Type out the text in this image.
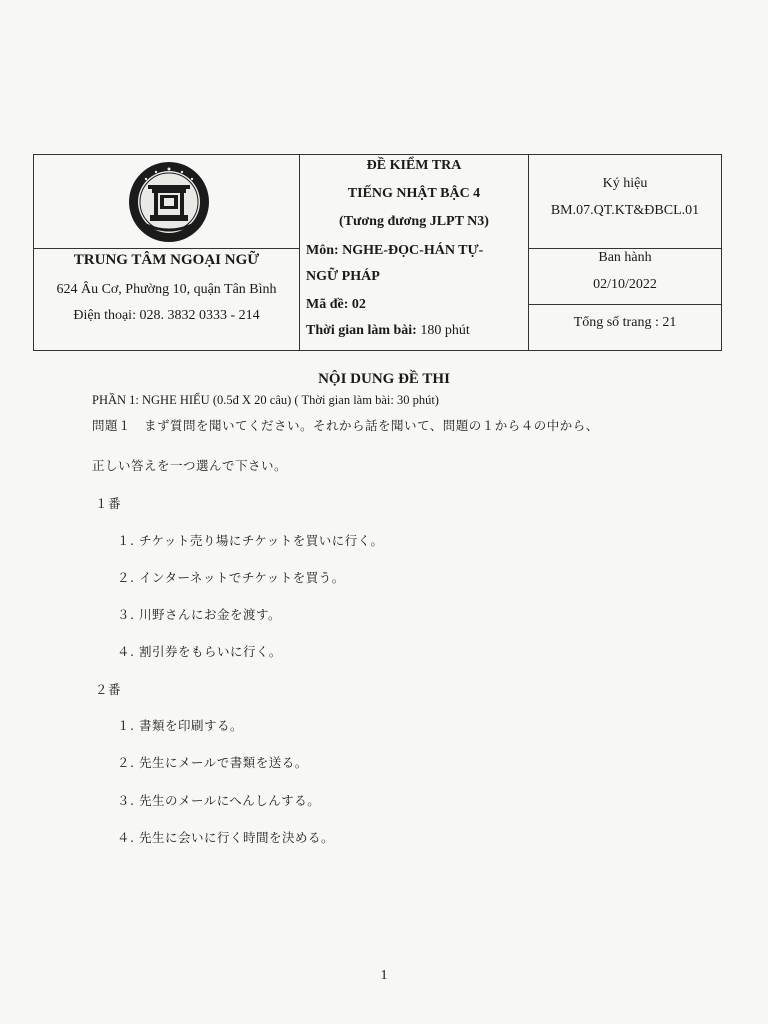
TRUNG TÂM NGOẠI NGỮ
624 Âu Cơ, Phường 10, quận Tân Bình
Điện thoại: 028. 3832 0333 - 214
ĐỀ KIỂM TRA
TIẾNG NHẬT BẬC 4
(Tương đương JLPT N3)
Môn: NGHE-ĐỌC-HÁN TỰ-
NGỮ PHÁP
Mã đề: 02
Thời gian làm bài: 180 phút
Ký hiệu
BM.07.QT.KT&ĐBCL.01
Ban hành
02/10/2022
Tổng số trang : 21
NỘI DUNG ĐỀ THI
PHẦN 1: NGHE HIỂU (0.5đ X 20 câu) ( Thời gian làm bài: 30 phút)
問題１　まず質問を聞いてください。それから話を聞いて、問題の１から４の中から、
正しい答えを一つ選んで下さい。
１番
１. チケット売り場にチケットを買いに行く。
２. インターネットでチケットを買う。
３. 川野さんにお金を渡す。
４. 割引券をもらいに行く。
２番
１. 書類を印刷する。
２. 先生にメールで書類を送る。
３. 先生のメールにへんしんする。
４. 先生に会いに行く時間を決める。
1
